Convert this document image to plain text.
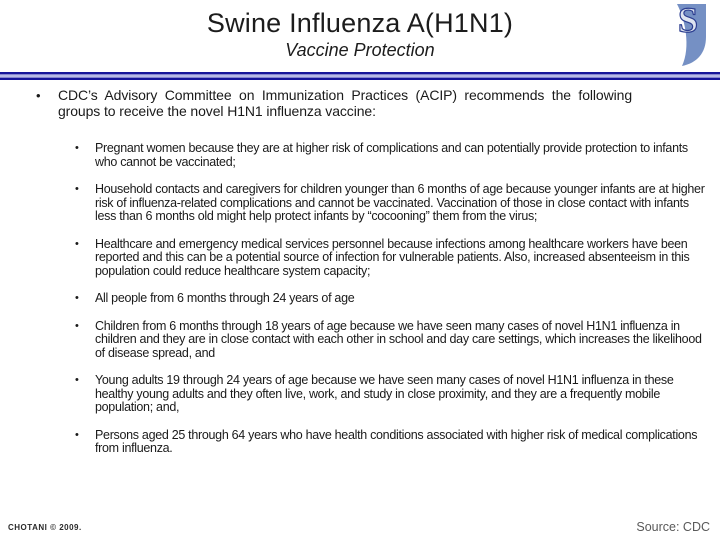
Swine Influenza A(H1N1)
Vaccine Protection
S
•	CDC’s Advisory Committee on Immunization Practices (ACIP) recommends the following groups to receive the novel H1N1 influenza vaccine:
•	Pregnant women because they are at higher risk of complications and can potentially provide protection to infants who cannot be vaccinated;
•	Household contacts and caregivers for children younger than 6 months of age because younger infants are at higher risk of influenza-related complications and cannot be vaccinated. Vaccination of those in close contact with infants less than 6 months old might help protect infants by “cocooning” them from the virus;
•	Healthcare and emergency medical services personnel because infections among healthcare workers have been reported and this can be a potential source of infection for vulnerable patients. Also, increased absenteeism in this population could reduce healthcare system capacity;
•	All people from 6 months through 24 years of age
•	Children from 6 months through 18 years of age because we have seen many cases of novel H1N1 influenza in children and they are in close contact with each other in school and day care settings, which increases the likelihood of disease spread, and
•	Young adults 19 through 24 years of age because we have seen many cases of novel H1N1 influenza in these healthy young adults and they often live, work, and study in close proximity, and they are a frequently mobile population; and,
•	Persons aged 25 through 64 years who have health conditions associated with higher risk of medical complications from influenza.
CHOTANI © 2009.	Source: CDC
